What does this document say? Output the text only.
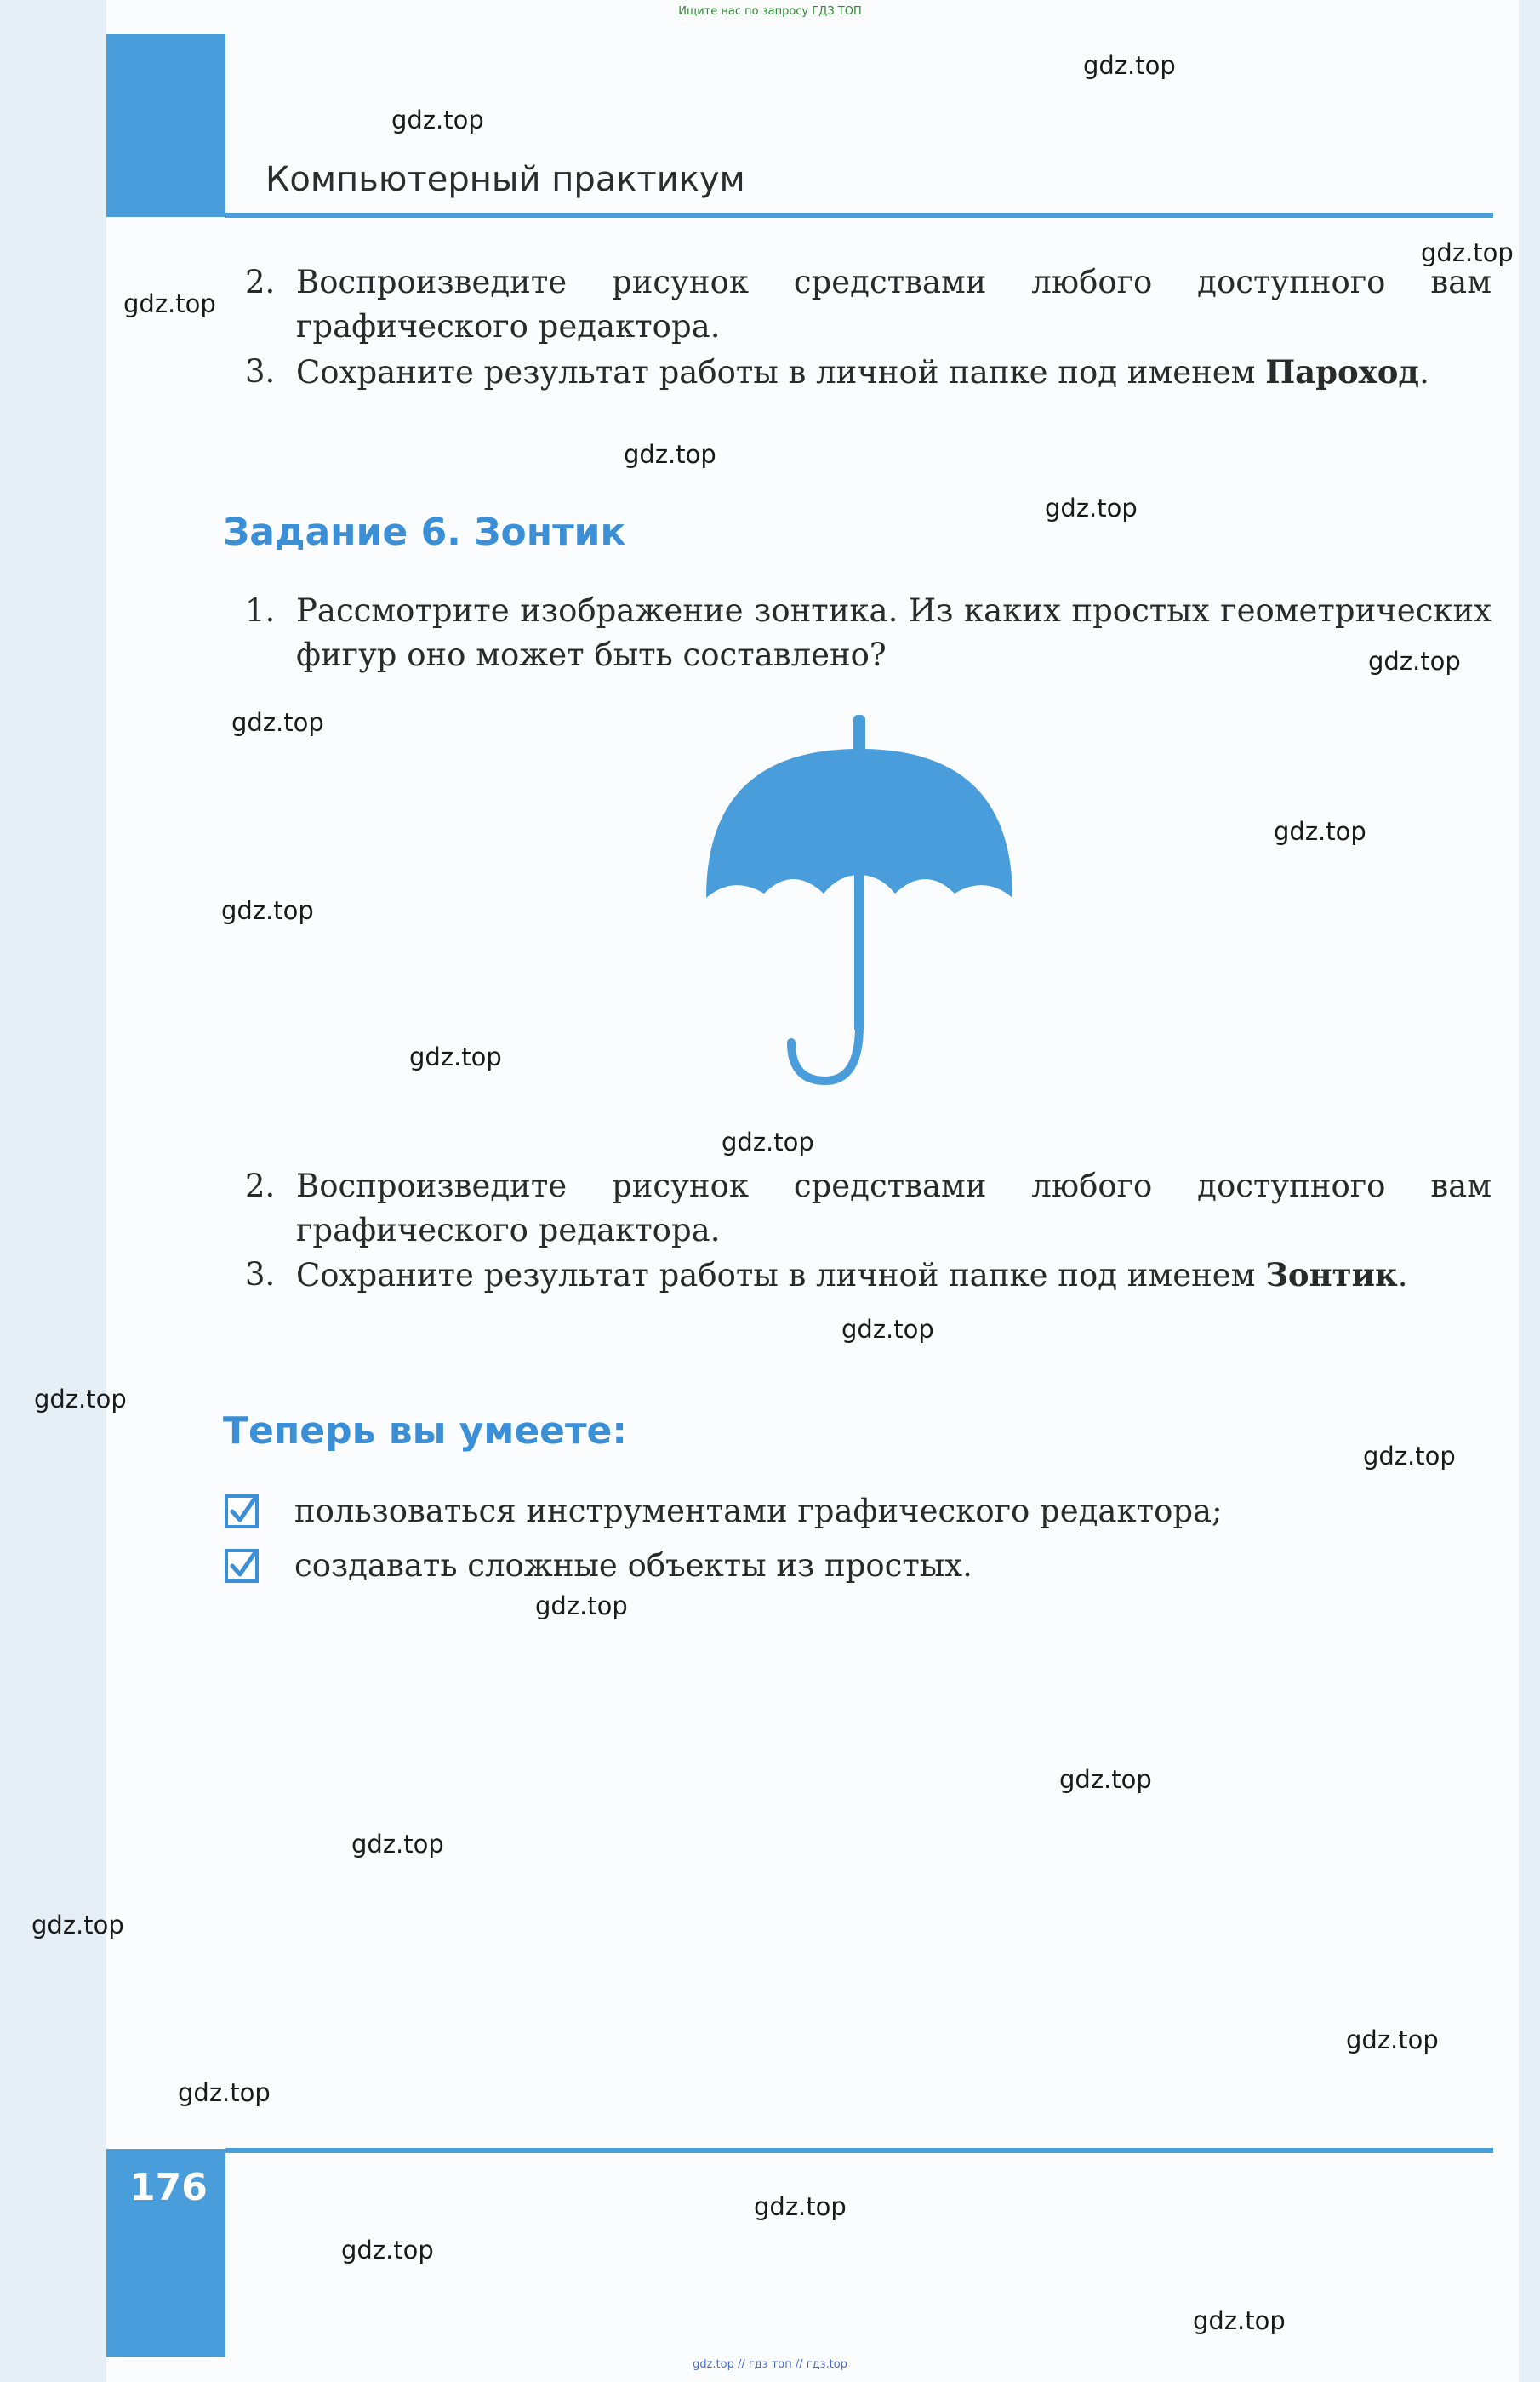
Ищите нас по запросу ГДЗ ТОП
Компьютерный практикум
2. Воспроизведите рисунок средствами любого доступного вам графического редактора.
3. Сохраните результат работы в личной папке под именем Пароход.
Задание 6. Зонтик
1. Рассмотрите изображение зонтика. Из каких простых геометрических фигур оно может быть составлено?
2. Воспроизведите рисунок средствами любого доступного вам графического редактора.
3. Сохраните результат работы в личной папке под именем Зонтик.
Теперь вы умеете:
пользоваться инструментами графического редактора;
создавать сложные объекты из простых.
176
gdz.top
gdz.top
gdz.top
gdz.top
gdz.top
gdz.top
gdz.top
gdz.top
gdz.top
gdz.top
gdz.top
gdz.top
gdz.top
gdz.top
gdz.top
gdz.top
gdz.top
gdz.top
gdz.top
gdz.top
gdz.top
gdz.top
gdz.top
gdz.top
gdz.top // гдз топ // гдз.top
